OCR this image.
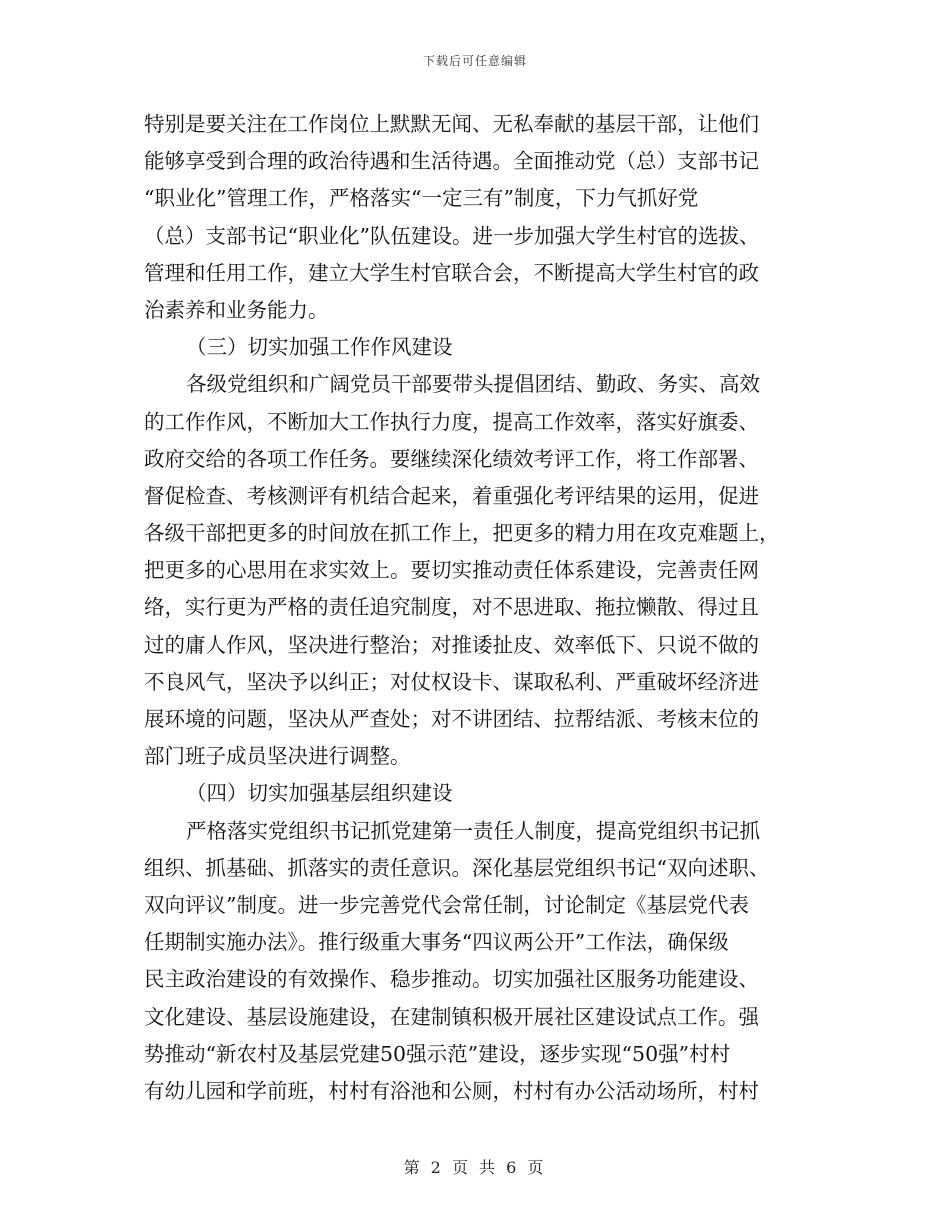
下载后可任意编辑
特别是要关注在工作岗位上默默无闻、无私奉献的基层干部，让他们
能够享受到合理的政治待遇和生活待遇。全面推动党（总）支部书记
“职业化”管理工作，严格落实“一定三有”制度，下力气抓好党
（总）支部书记“职业化”队伍建设。进一步加强大学生村官的选拔、
管理和任用工作，建立大学生村官联合会，不断提高大学生村官的政
治素养和业务能力。
（三）切实加强工作作风建设
各级党组织和广阔党员干部要带头提倡团结、勤政、务实、高效
的工作作风，不断加大工作执行力度，提高工作效率，落实好旗委、
政府交给的各项工作任务。要继续深化绩效考评工作，将工作部署、
督促检查、考核测评有机结合起来，着重强化考评结果的运用，促进
各级干部把更多的时间放在抓工作上，把更多的精力用在攻克难题上，
把更多的心思用在求实效上。要切实推动责任体系建设，完善责任网
络，实行更为严格的责任追究制度，对不思进取、拖拉懒散、得过且
过的庸人作风，坚决进行整治；对推诿扯皮、效率低下、只说不做的
不良风气，坚决予以纠正；对仗权设卡、谋取私利、严重破坏经济进
展环境的问题，坚决从严查处；对不讲团结、拉帮结派、考核末位的
部门班子成员坚决进行调整。
（四）切实加强基层组织建设
严格落实党组织书记抓党建第一责任人制度，提高党组织书记抓
组织、抓基础、抓落实的责任意识。深化基层党组织书记“双向述职、
双向评议”制度。进一步完善党代会常任制，讨论制定《基层党代表
任期制实施办法》。推行级重大事务“四议两公开”工作法，确保级
民主政治建设的有效操作、稳步推动。切实加强社区服务功能建设、
文化建设、基层设施建设，在建制镇积极开展社区建设试点工作。强
势推动“新农村及基层党建50强示范”建设，逐步实现“50强”村村
有幼儿园和学前班，村村有浴池和公厕，村村有办公活动场所，村村
第 2 页 共 6 页
